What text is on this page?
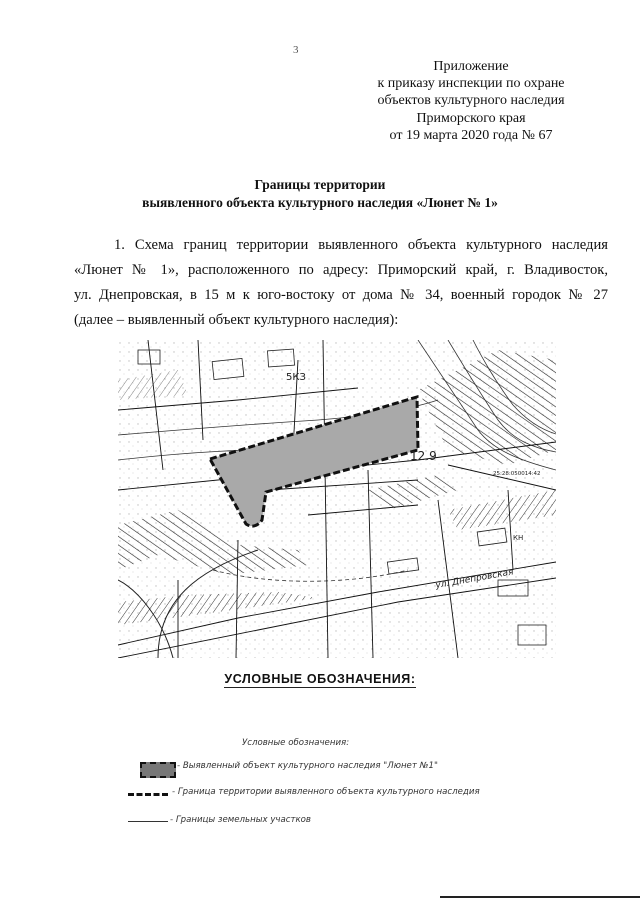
3
Приложение
к приказу инспекции по охране
объектов культурного наследия
Приморского края
от 19 марта 2020 года № 67
Границы территории
выявленного объекта культурного наследия «Люнет № 1»
1. Схема границ территории выявленного объекта культурного наследия
«Люнет № 1», расположенного по адресу: Приморский край, г. Владивосток,
ул. Днепровская, в 15 м к юго-востоку от дома № 34, военный городок № 27
(далее – выявленный объект культурного наследия):
5КЗ
12.9
25:28:050014:42
КН
ул. Днепровская
УСЛОВНЫЕ ОБОЗНАЧЕНИЯ:
Условные обозначения:
- Выявленный объект культурного наследия "Люнет №1"
- Граница территории выявленного объекта культурного наследия
- Границы земельных участков
